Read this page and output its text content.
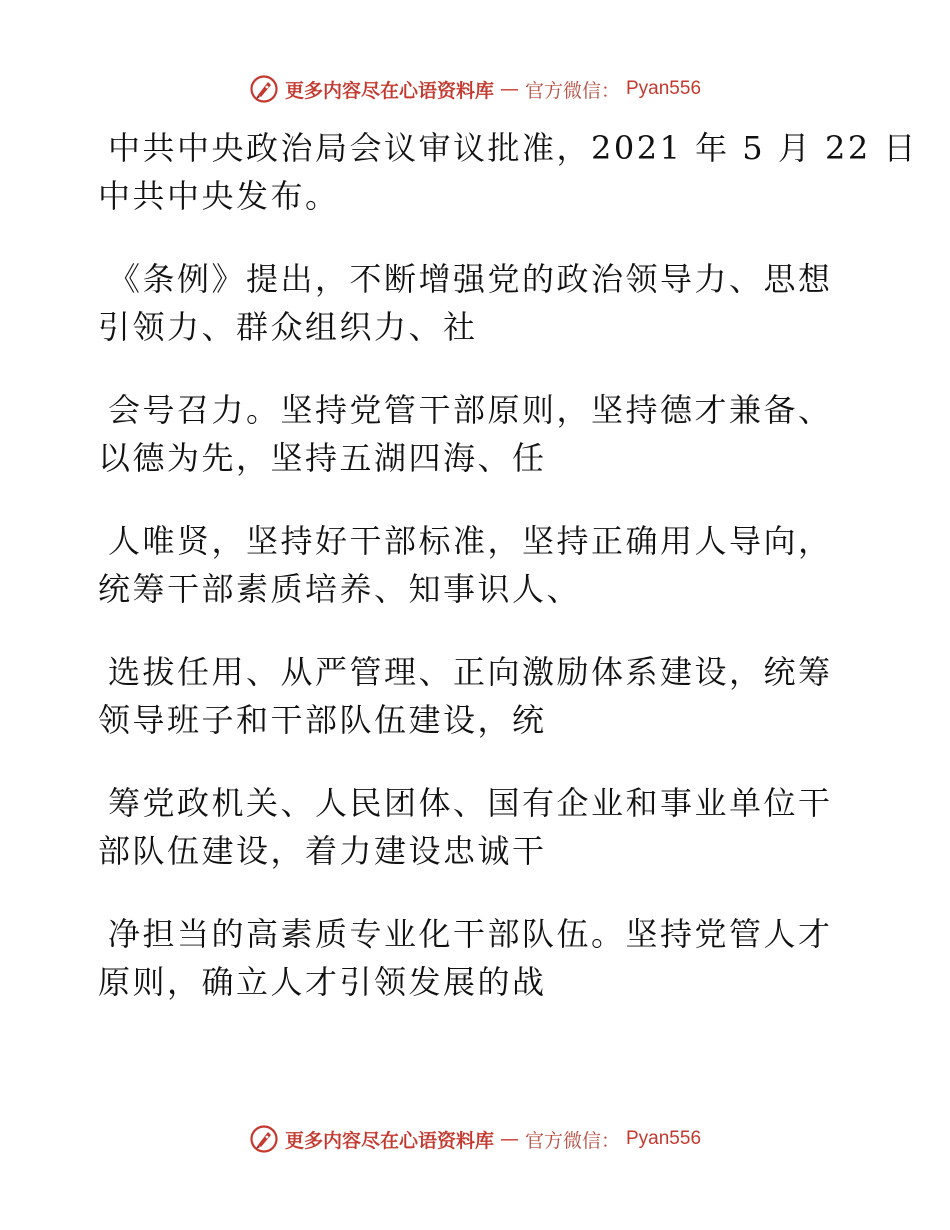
更多内容尽在心语资料库 — 官方微信： Pyan556

中共中央政治局会议审议批准，2021 年 5 月 22 日
中共中央发布。

《条例》提出，不断增强党的政治领导力、思想
引领力、群众组织力、社

会号召力。坚持党管干部原则，坚持德才兼备、
以德为先，坚持五湖四海、任

人唯贤，坚持好干部标准，坚持正确用人导向，
统筹干部素质培养、知事识人、

选拔任用、从严管理、正向激励体系建设，统筹
领导班子和干部队伍建设，统

筹党政机关、人民团体、国有企业和事业单位干
部队伍建设，着力建设忠诚干

净担当的高素质专业化干部队伍。坚持党管人才
原则，确立人才引领发展的战

更多内容尽在心语资料库 — 官方微信： Pyan556
